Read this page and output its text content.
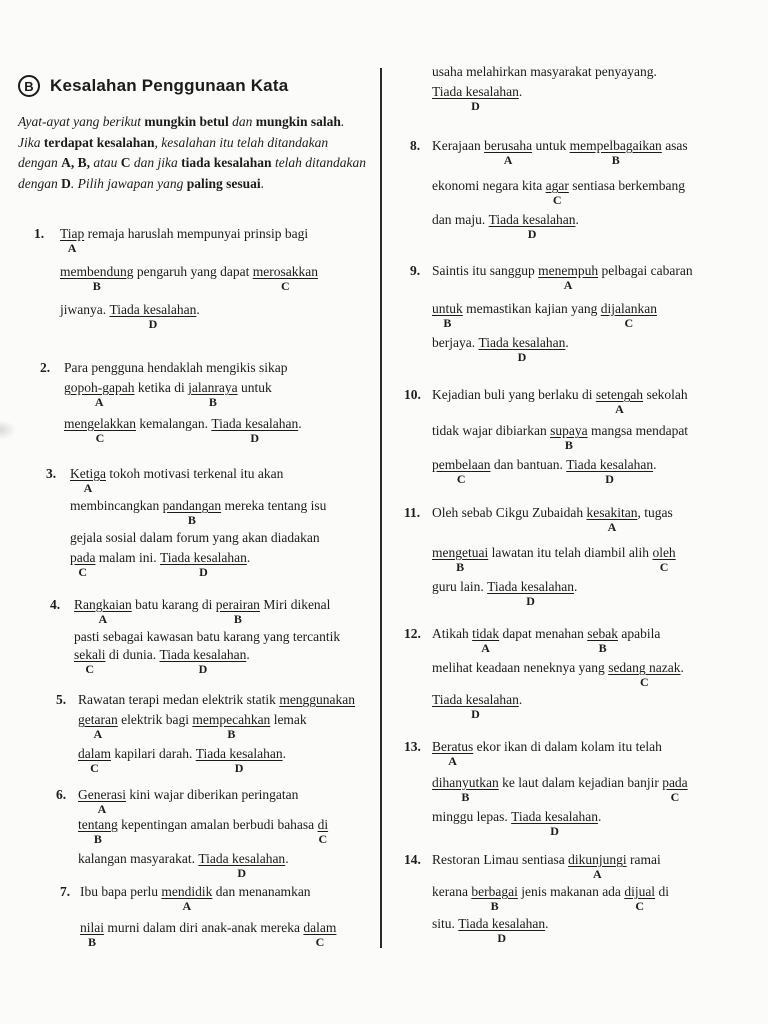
B Kesalahan Penggunaan Kata
Ayat-ayat yang berikut mungkin betul dan mungkin salah. Jika terdapat kesalahan, kesalahan itu telah ditandakan dengan A, B, atau C dan jika tiada kesalahan telah ditandakan dengan D. Pilih jawapan yang paling sesuai.
1. Tiap
A
remaja haruslah mempunyai prinsip bagi
membendung
B
pengaruh yang dapat merosakkan
C
jiwanya. Tiada kesalahan
D
.
2. Para pengguna hendaklah mengikis sikap
gopoh-gapah
A
ketika di jalanraya
B
untuk
mengelakkan
C
kemalangan. Tiada kesalahan
D
.
3. Ketiga
A
tokoh motivasi terkenal itu akan
membincangkan pandangan
B
mereka tentang isu
gejala sosial dalam forum yang akan diadakan
pada
C
malam ini. Tiada kesalahan
D
.
4. Rangkaian
A
batu karang di perairan
B
Miri dikenal
pasti sebagai kawasan batu karang yang tercantik
sekali
C
di dunia. Tiada kesalahan
D
.
5. Rawatan terapi medan elektrik statik menggunakan
getaran
A
elektrik bagi mempecahkan
B
lemak
dalam
C
kapilari darah. Tiada kesalahan
D
.
6. Generasi
A
kini wajar diberikan peringatan
tentang
B
kepentingan amalan berbudi bahasa di
C
kalangan masyarakat. Tiada kesalahan
D
.
7. Ibu bapa perlu mendidik
A
dan menanamkan
nilai
B
murni dalam diri anak-anak mereka dalam
C
usaha melahirkan masyarakat penyayang.
Tiada kesalahan
D
.
8. Kerajaan berusaha
A
untuk mempelbagaikan
B
asas
ekonomi negara kita agar
C
sentiasa berkembang
dan maju. Tiada kesalahan
D
.
9. Saintis itu sanggup menempuh
A
pelbagai cabaran
untuk
B
memastikan kajian yang dijalankan
C
berjaya. Tiada kesalahan
D
.
10. Kejadian buli yang berlaku di setengah
A
sekolah
tidak wajar dibiarkan supaya
B
mangsa mendapat
pembelaan
C
dan bantuan. Tiada kesalahan
D
.
11. Oleh sebab Cikgu Zubaidah kesakitan
A
, tugas
mengetuai
B
lawatan itu telah diambil alih oleh
C
guru lain. Tiada kesalahan
D
.
12. Atikah tidak
A
dapat menahan sebak
B
apabila
melihat keadaan neneknya yang sedang nazak
C
.
Tiada kesalahan
D
.
13. Beratus
A
ekor ikan di dalam kolam itu telah
dihanyutkan
B
ke laut dalam kejadian banjir pada
C
minggu lepas. Tiada kesalahan
D
.
14. Restoran Limau sentiasa dikunjungi
A
ramai
kerana berbagai
B
jenis makanan ada dijual
C
di
situ. Tiada kesalahan
D
.
